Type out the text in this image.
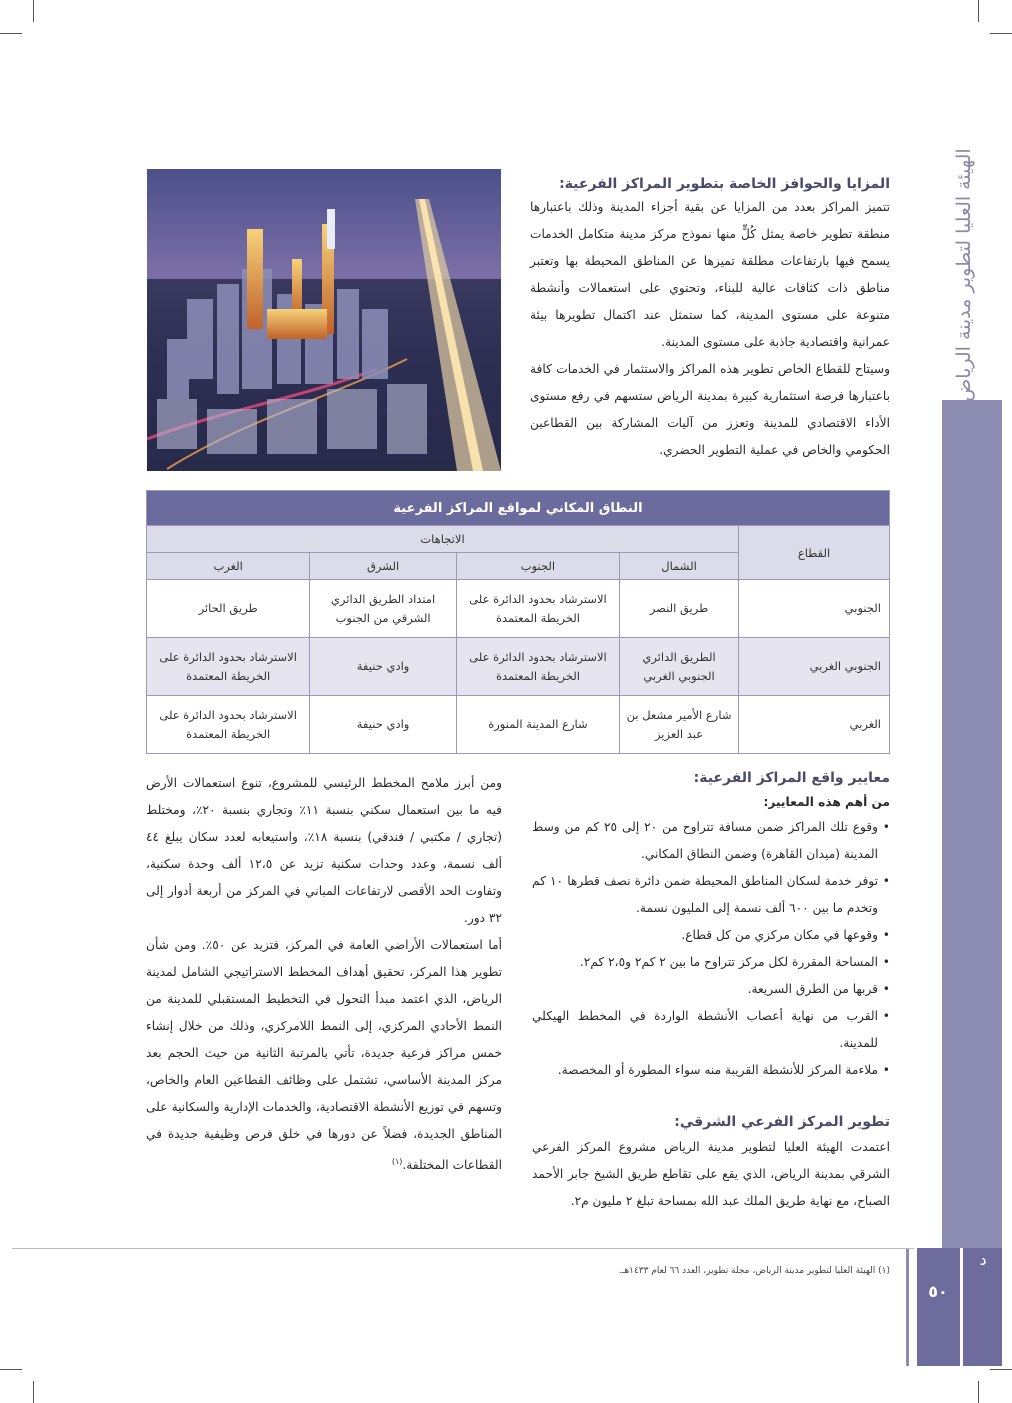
الهيئة العليا لتطوير مدينة الرياض
د
٥٠
(١) الهيئة العليا لتطوير مدينة الرياض، مجلة تطوير، العدد ٦٦ لعام ١٤٣٣هـ.
المزايا والحوافز الخاصة بتطوير المراكز الفرعية:

تتميز المراكز بعدد من المزايا عن بقية أجزاء المدينة وذلك باعتبارها منطقة تطوير خاصة يمثل كُلٍّ منها نموذج مركز مدينة متكامل الخدمات يسمح فيها بارتفاعات مطلقة تميزها عن المناطق المحيطة بها وتعتبر مناطق ذات كثافات عالية للبناء، وتحتوي على استعمالات وأنشطة متنوعة على مستوى المدينة، كما ستمثل عند اكتمال تطويرها بيئة عمرانية واقتصادية جاذبة على مستوى المدينة.

وسيتاح للقطاع الخاص تطوير هذه المراكز والاستثمار في الخدمات كافة باعتبارها فرصة استثمارية كبيرة بمدينة الرياض ستسهم في رفع مستوى الأداء الاقتصادي للمدينة وتعزز من آليات المشاركة بين القطاعين الحكومي والخاص في عملية التطوير الحضري.

النطاق المكاني لمواقع المراكز الفرعية				
القطاع	الاتجاهات			
	الشمال	الجنوب	الشرق	الغرب
الجنوبي	طريق النصر	الاسترشاد بحدود الدائرة على الخريطة المعتمدة	امتداد الطريق الدائري الشرقي من الجنوب	طريق الحائر
الجنوبي الغربي	الطريق الدائري الجنوبي الغربي	الاسترشاد بحدود الدائرة على الخريطة المعتمدة	وادي حنيفة	الاسترشاد بحدود الدائرة على الخريطة المعتمدة
الغربي	شارع الأمير مشعل بن عبد العزيز	شارع المدينة المنورة	وادي حنيفة	الاسترشاد بحدود الدائرة على الخريطة المعتمدة
معايير واقع المراكز الفرعية:
من أهم هذه المعايير:
• وقوع تلك المراكز ضمن مسافة تتراوح من ٢٠ إلى ٢٥ كم من وسط المدينة (ميدان القاهرة) وضمن النطاق المكاني.
• توفر خدمة لسكان المناطق المحيطة ضمن دائرة نصف قطرها ١٠ كم وتخدم ما بين ٦٠٠ ألف نسمة إلى المليون نسمة.
• وقوعها في مكان مركزي من كل قطاع.
• المساحة المقررة لكل مركز تتراوح ما بين ٢ كم٢ و٢،٥ كم٢.
• قربها من الطرق السريعة.
• القرب من نهاية أعصاب الأنشطة الواردة في المخطط الهيكلي للمدينة.
• ملاءمة المركز للأنشطة القريبة منه سواء المطورة أو المخصصة.
تطوير المركز الفرعي الشرقي:

اعتمدت الهيئة العليا لتطوير مدينة الرياض مشروع المركز الفرعي الشرقي بمدينة الرياض، الذي يقع على تقاطع طريق الشيخ جابر الأحمد الصباح، مع نهاية طريق الملك عبد الله بمساحة تبلغ ٢ مليون م٢.

ومن أبرز ملامح المخطط الرئيسي للمشروع، تنوع استعمالات الأرض فيه ما بين استعمال سكني بنسبة ١١٪ وتجاري بنسبة ٢٠٪، ومختلط (تجاري / مكتبي / فندقي) بنسبة ١٨٪، واستيعابه لعدد سكان يبلغ ٤٤ ألف نسمة، وعدد وحدات سكنية تزيد عن ١٢،٥ ألف وحدة سكنية، وتفاوت الحد الأقصى لارتفاعات المباني في المركز من أربعة أدوار إلى ٣٢ دور.

أما استعمالات الأراضي العامة في المركز، فتزيد عن ٥٠٪. ومن شأن تطوير هذا المركز، تحقيق أهداف المخطط الاستراتيجي الشامل لمدينة الرياض، الذي اعتمد مبدأ التحول في التخطيط المستقبلي للمدينة من النمط الأحادي المركزي، إلى النمط اللامركزي، وذلك من خلال إنشاء خمس مراكز فرعية جديدة، تأتي بالمرتبة الثانية من حيث الحجم بعد مركز المدينة الأساسي، تشتمل على وظائف القطاعين العام والخاص، وتسهم في توزيع الأنشطة الاقتصادية، والخدمات الإدارية والسكانية على المناطق الجديدة، فضلاً عن دورها في خلق فرص وظيفية جديدة في القطاعات المختلفة.$^{(١)}$
